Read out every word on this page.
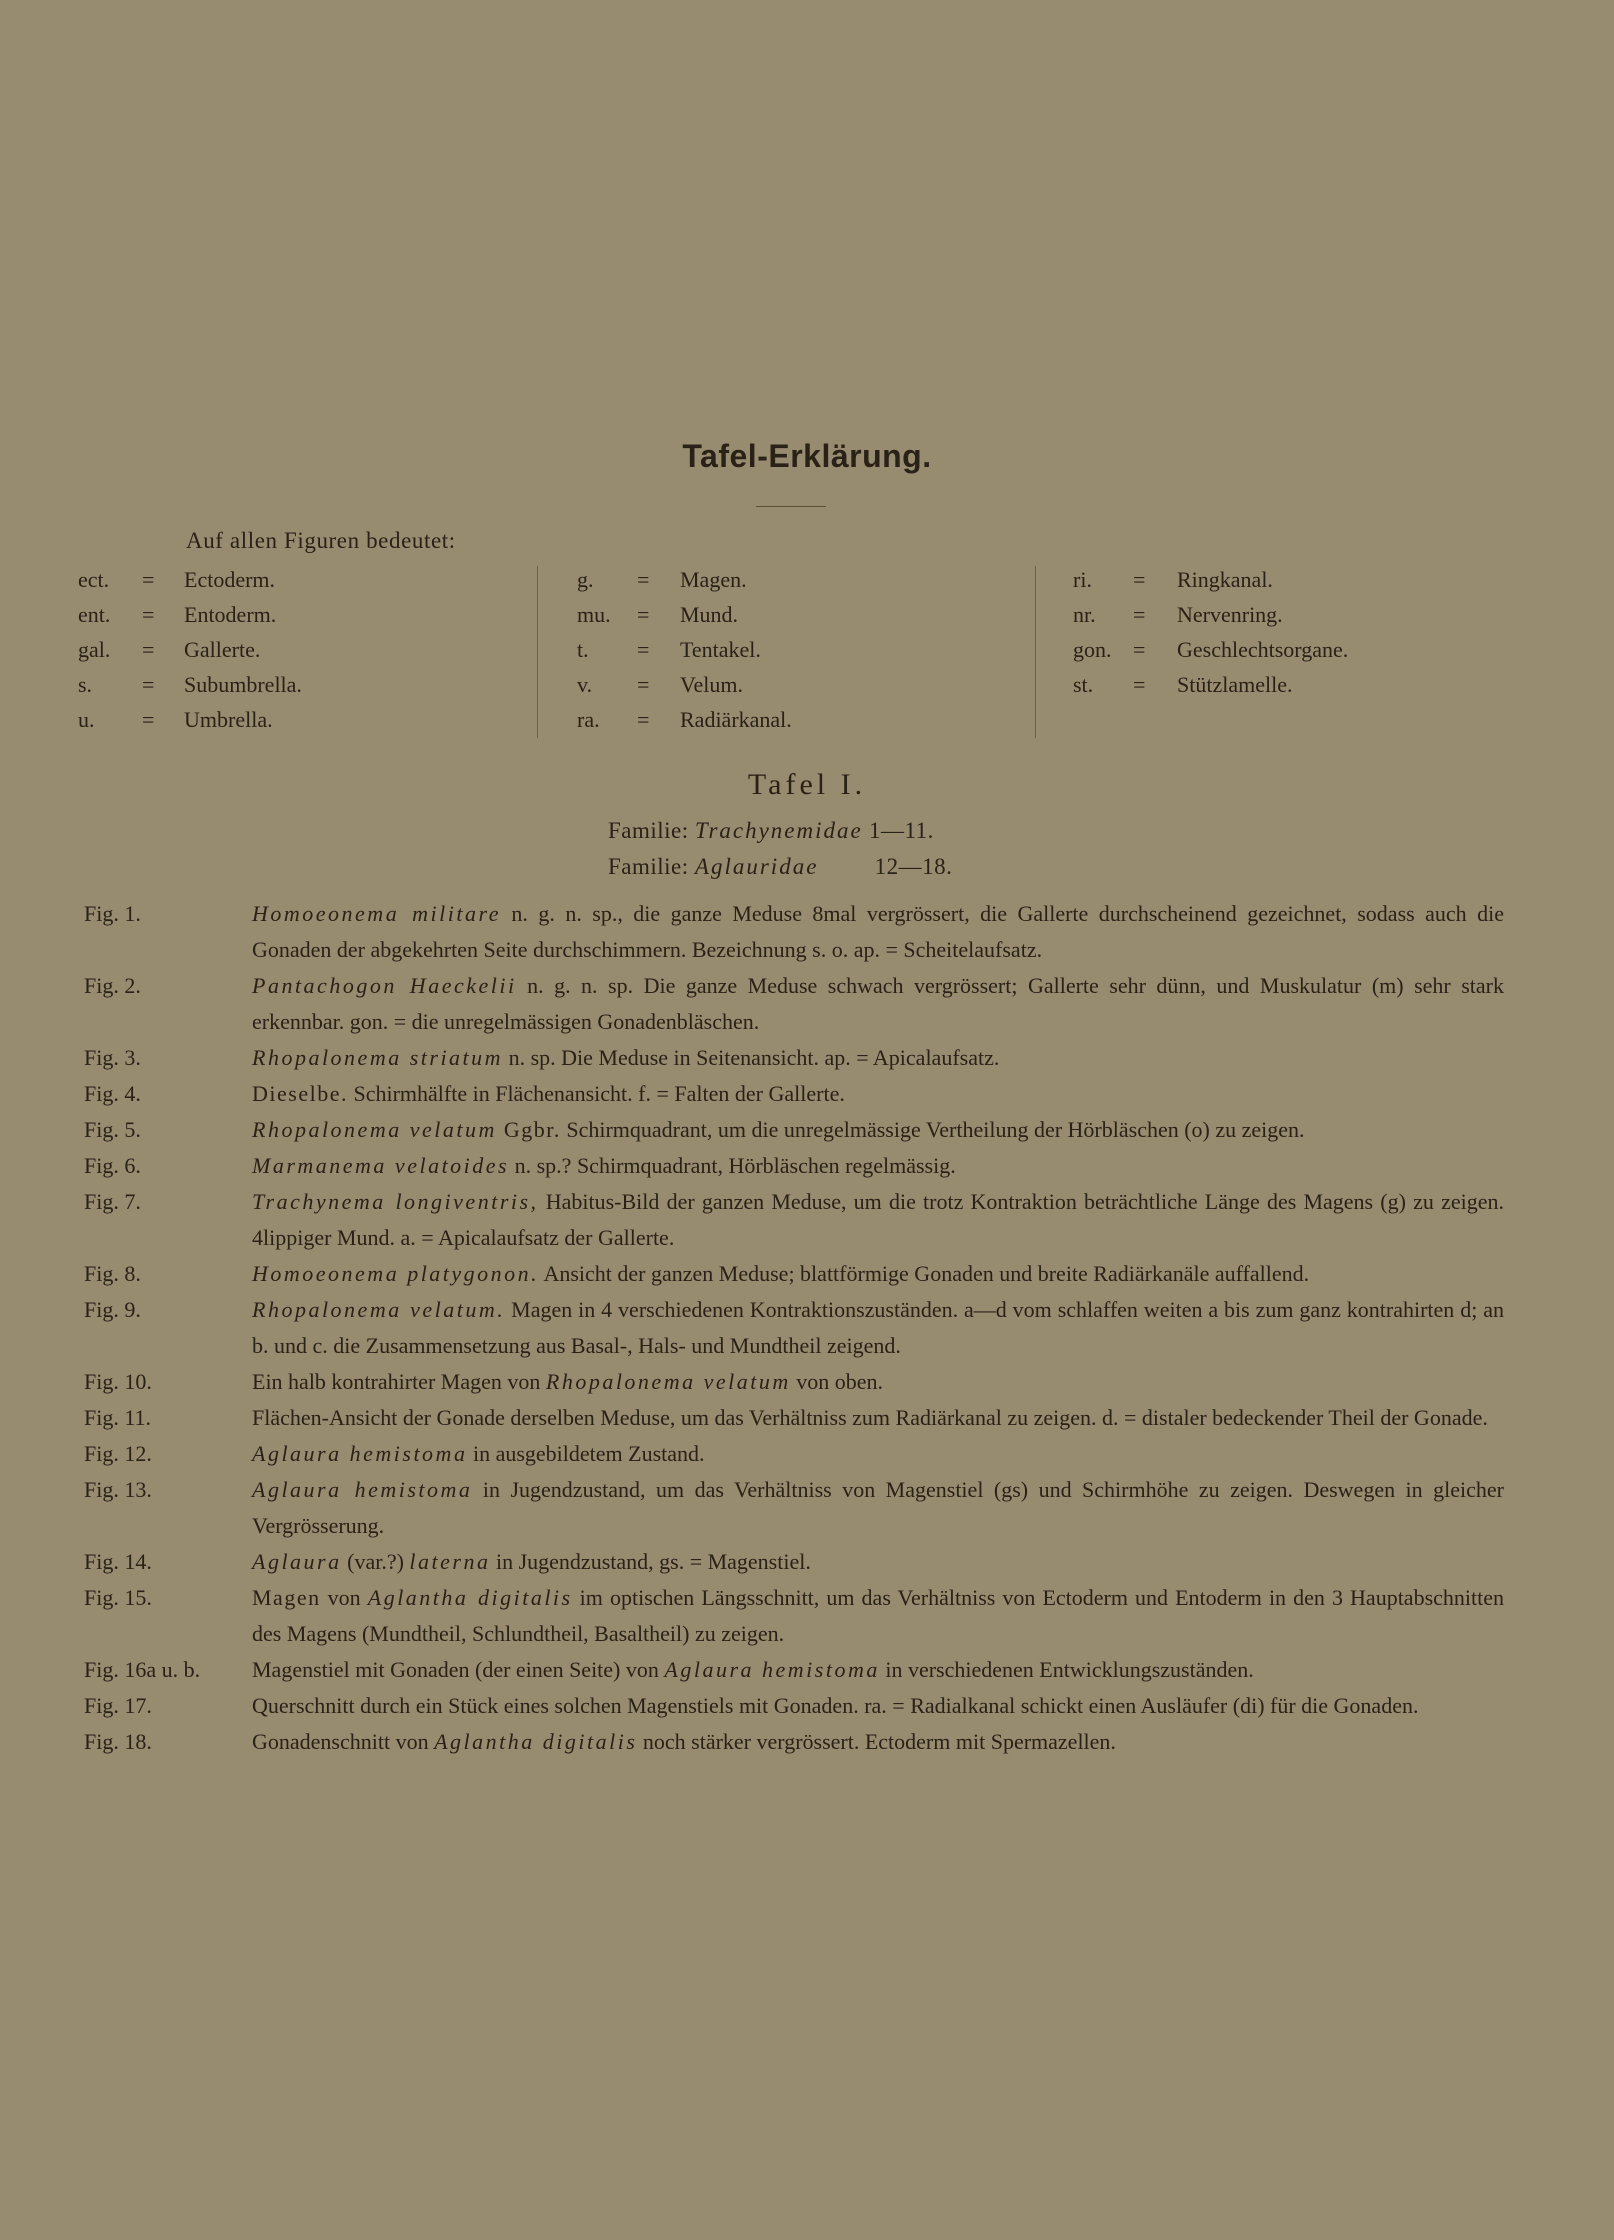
Tafel-Erklärung.
Auf allen Figuren bedeutet:
ect. = Ectoderm.
ent. = Entoderm.
gal. = Gallerte.
s. = Subumbrella.
u. = Umbrella.
g. = Magen.
mu. = Mund.
t. = Tentakel.
v. = Velum.
ra. = Radiärkanal.
ri. = Ringkanal.
nr. = Nervenring.
gon. = Geschlechtsorgane.
st. = Stützlamelle.
Tafel I.
Familie: Trachynemidae 1—11.
Familie: Aglauridae 12—18.
Fig. 1.	Homoeonema militare n. g. n. sp., die ganze Meduse 8mal vergrössert, die Gallerte durchscheinend gezeichnet, sodass auch die Gonaden der abgekehrten Seite durchschimmern. Bezeichnung s. o. ap. = Scheitelaufsatz.
Fig. 2.	Pantachogon Haeckelii n. g. n. sp. Die ganze Meduse schwach vergrössert; Gallerte sehr dünn, und Muskulatur (m) sehr stark erkennbar. gon. = die unregelmässigen Gonadenbläschen.
Fig. 3.	Rhopalonema striatum n. sp. Die Meduse in Seitenansicht. ap. = Apicalaufsatz.
Fig. 4.	Dieselbe. Schirmhälfte in Flächenansicht. f. = Falten der Gallerte.
Fig. 5.	Rhopalonema velatum Ggbr. Schirmquadrant, um die unregelmässige Vertheilung der Hörbläschen (o) zu zeigen.
Fig. 6.	Marmanema velatoides n. sp.? Schirmquadrant, Hörbläschen regelmässig.
Fig. 7.	Trachynema longiventris, Habitus-Bild der ganzen Meduse, um die trotz Kontraktion beträchtliche Länge des Magens (g) zu zeigen. 4lippiger Mund. a. = Apicalaufsatz der Gallerte.
Fig. 8.	Homoeonema platygonon. Ansicht der ganzen Meduse; blattförmige Gonaden und breite Radiärkanäle auffallend.
Fig. 9.	Rhopalonema velatum. Magen in 4 verschiedenen Kontraktionszuständen. a—d vom schlaffen weiten a bis zum ganz kontrahirten d; an b. und c. die Zusammensetzung aus Basal-, Hals- und Mundtheil zeigend.
Fig. 10.	Ein halb kontrahirter Magen von Rhopalonema velatum von oben.
Fig. 11.	Flächen-Ansicht der Gonade derselben Meduse, um das Verhältniss zum Radiärkanal zu zeigen. d. = distaler bedeckender Theil der Gonade.
Fig. 12.	Aglaura hemistoma in ausgebildetem Zustand.
Fig. 13.	Aglaura hemistoma in Jugendzustand, um das Verhältniss von Magenstiel (gs) und Schirmhöhe zu zeigen. Deswegen in gleicher Vergrösserung.
Fig. 14.	Aglaura (var.?) laterna in Jugendzustand, gs. = Magenstiel.
Fig. 15.	Magen von Aglantha digitalis im optischen Längsschnitt, um das Verhältniss von Ectoderm und Entoderm in den 3 Hauptabschnitten des Magens (Mundtheil, Schlundtheil, Basaltheil) zu zeigen.
Fig. 16a u. b. Magenstiel mit Gonaden (der einen Seite) von Aglaura hemistoma in verschiedenen Entwicklungszuständen.
Fig. 17.	Querschnitt durch ein Stück eines solchen Magenstiels mit Gonaden. ra. = Radialkanal schickt einen Ausläufer (di) für die Gonaden.
Fig. 18.	Gonadenschnitt von Aglantha digitalis noch stärker vergrössert. Ectoderm mit Spermazellen.
